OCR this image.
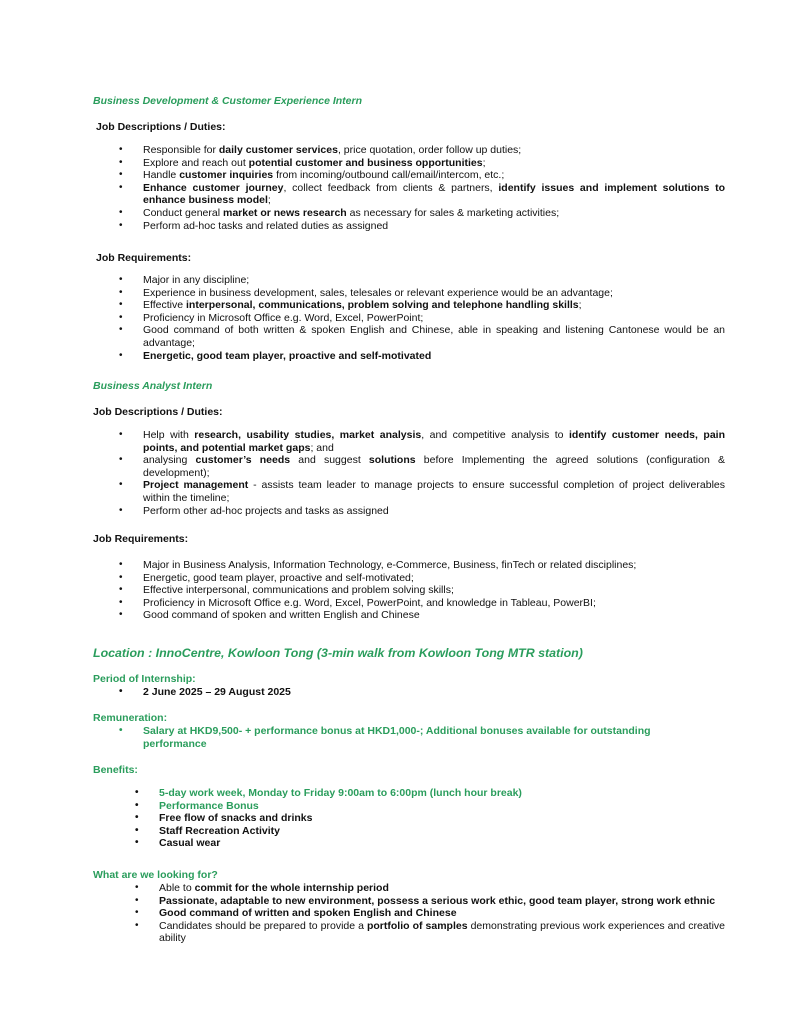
Business Development & Customer Experience Intern
Job Descriptions / Duties:
• Responsible for daily customer services, price quotation, order follow up duties;
• Explore and reach out potential customer and business opportunities;
• Handle customer inquiries from incoming/outbound call/email/intercom, etc.;
• Enhance customer journey, collect feedback from clients & partners, identify issues and implement solutions to enhance business model;
• Conduct general market or news research as necessary for sales & marketing activities;
• Perform ad-hoc tasks and related duties as assigned
Job Requirements:
• Major in any discipline;
• Experience in business development, sales, telesales or relevant experience would be an advantage;
• Effective interpersonal, communications, problem solving and telephone handling skills;
• Proficiency in Microsoft Office e.g. Word, Excel, PowerPoint;
• Good command of both written & spoken English and Chinese, able in speaking and listening Cantonese would be an advantage;
• Energetic, good team player, proactive and self-motivated
Business Analyst Intern
Job Descriptions / Duties:
• Help with research, usability studies, market analysis, and competitive analysis to identify customer needs, pain points, and potential market gaps; and
• analysing customer’s needs and suggest solutions before Implementing the agreed solutions (configuration & development);
• Project management - assists team leader to manage projects to ensure successful completion of project deliverables within the timeline;
• Perform other ad-hoc projects and tasks as assigned
Job Requirements:
• Major in Business Analysis, Information Technology, e-Commerce, Business, finTech or related disciplines;
• Energetic, good team player, proactive and self-motivated;
• Effective interpersonal, communications and problem solving skills;
• Proficiency in Microsoft Office e.g. Word, Excel, PowerPoint, and knowledge in Tableau, PowerBI;
• Good command of spoken and written English and Chinese
Location : InnoCentre, Kowloon Tong (3-min walk from Kowloon Tong MTR station)
Period of Internship:
• 2 June 2025 – 29 August 2025
Remuneration:
• Salary at HKD9,500- + performance bonus at HKD1,000-; Additional bonuses available for outstanding performance
Benefits:
• 5-day work week, Monday to Friday 9:00am to 6:00pm (lunch hour break)
• Performance Bonus
• Free flow of snacks and drinks
• Staff Recreation Activity
• Casual wear
What are we looking for?
• Able to commit for the whole internship period
• Passionate, adaptable to new environment, possess a serious work ethic, good team player, strong work ethnic
• Good command of written and spoken English and Chinese
• Candidates should be prepared to provide a portfolio of samples demonstrating previous work experiences and creative ability
